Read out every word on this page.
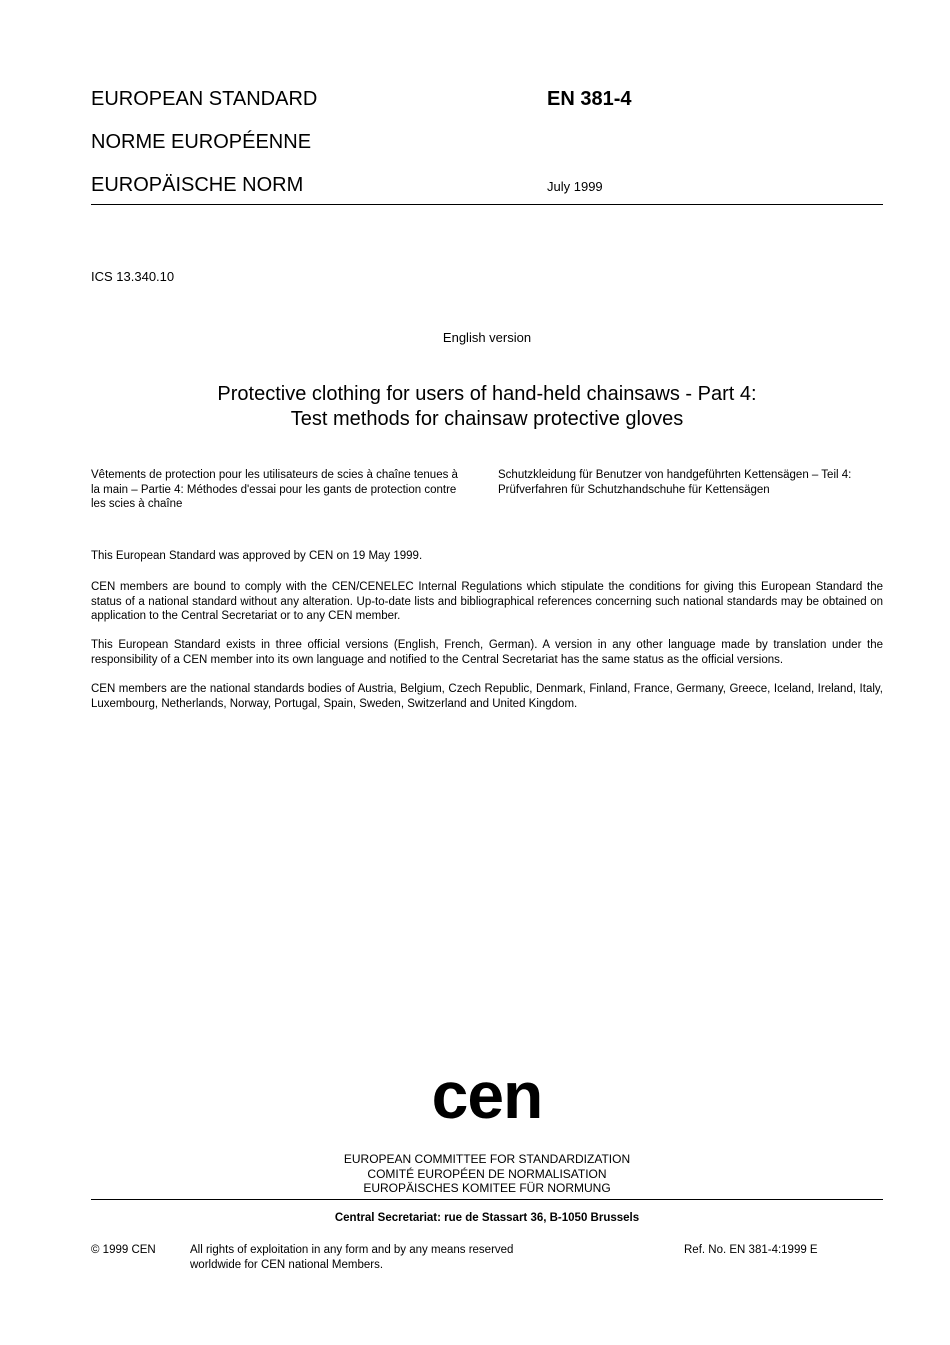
EUROPEAN STANDARD
NORME EUROPÉENNE
EUROPÄISCHE NORM
EN 381-4
July 1999
ICS 13.340.10
English version
Protective clothing for users of hand-held chainsaws - Part 4:
Test methods for chainsaw protective gloves
Vêtements de protection pour les utilisateurs de scies à chaîne tenues à la main – Partie 4: Méthodes d'essai pour les gants de protection contre les scies à chaîne
Schutzkleidung für Benutzer von handgeführten Kettensägen – Teil 4: Prüfverfahren für Schutzhandschuhe für Kettensägen
This European Standard was approved by CEN on 19 May 1999.
CEN members are bound to comply with the CEN/CENELEC Internal Regulations which stipulate the conditions for giving this European Standard the status of a national standard without any alteration. Up-to-date lists and bibliographical references concerning such national standards may be obtained on application to the Central Secretariat or to any CEN member.
This European Standard exists in three official versions (English, French, German). A version in any other language made by translation under the responsibility of a CEN member into its own language and notified to the Central Secretariat has the same status as the official versions.
CEN members are the national standards bodies of Austria, Belgium, Czech Republic, Denmark, Finland, France, Germany, Greece, Iceland, Ireland, Italy, Luxembourg, Netherlands, Norway, Portugal, Spain, Sweden, Switzerland and United Kingdom.
cen
EUROPEAN COMMITTEE FOR STANDARDIZATION
COMITÉ EUROPÉEN DE NORMALISATION
EUROPÄISCHES KOMITEE FÜR NORMUNG
Central Secretariat: rue de Stassart 36, B-1050 Brussels
© 1999 CEN	All rights of exploitation in any form and by any means reserved worldwide for CEN national Members.
Ref. No. EN 381-4:1999 E
